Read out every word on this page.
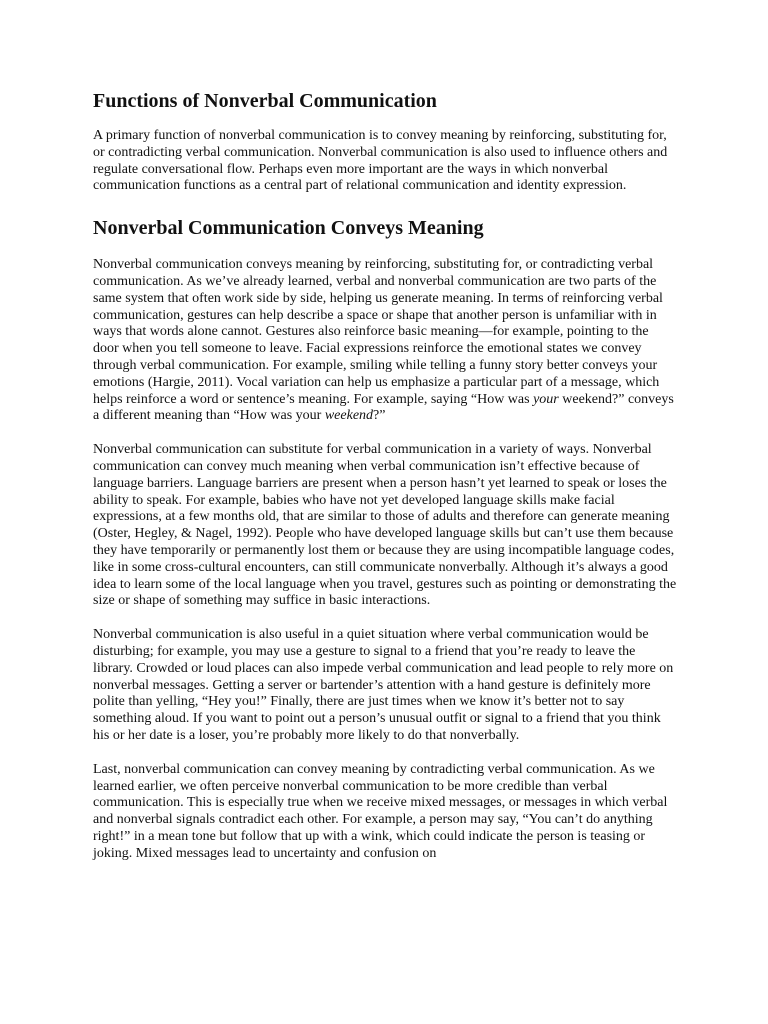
Functions of Nonverbal Communication

A primary function of nonverbal communication is to convey meaning by reinforcing, substituting for, or contradicting verbal communication. Nonverbal communication is also used to influence others and regulate conversational flow. Perhaps even more important are the ways in which nonverbal communication functions as a central part of relational communication and identity expression.

Nonverbal Communication Conveys Meaning

Nonverbal communication conveys meaning by reinforcing, substituting for, or contradicting verbal communication. As we’ve already learned, verbal and nonverbal communication are two parts of the same system that often work side by side, helping us generate meaning. In terms of reinforcing verbal communication, gestures can help describe a space or shape that another person is unfamiliar with in ways that words alone cannot. Gestures also reinforce basic meaning—for example, pointing to the door when you tell someone to leave. Facial expressions reinforce the emotional states we convey through verbal communication. For example, smiling while telling a funny story better conveys your emotions (Hargie, 2011). Vocal variation can help us emphasize a particular part of a message, which helps reinforce a word or sentence’s meaning. For example, saying “How was your weekend?” conveys a different meaning than “How was your weekend?”

Nonverbal communication can substitute for verbal communication in a variety of ways. Nonverbal communication can convey much meaning when verbal communication isn’t effective because of language barriers. Language barriers are present when a person hasn’t yet learned to speak or loses the ability to speak. For example, babies who have not yet developed language skills make facial expressions, at a few months old, that are similar to those of adults and therefore can generate meaning (Oster, Hegley, & Nagel, 1992). People who have developed language skills but can’t use them because they have temporarily or permanently lost them or because they are using incompatible language codes, like in some cross-cultural encounters, can still communicate nonverbally. Although it’s always a good idea to learn some of the local language when you travel, gestures such as pointing or demonstrating the size or shape of something may suffice in basic interactions.

Nonverbal communication is also useful in a quiet situation where verbal communication would be disturbing; for example, you may use a gesture to signal to a friend that you’re ready to leave the library. Crowded or loud places can also impede verbal communication and lead people to rely more on nonverbal messages. Getting a server or bartender’s attention with a hand gesture is definitely more polite than yelling, “Hey you!” Finally, there are just times when we know it’s better not to say something aloud. If you want to point out a person’s unusual outfit or signal to a friend that you think his or her date is a loser, you’re probably more likely to do that nonverbally.

Last, nonverbal communication can convey meaning by contradicting verbal communication. As we learned earlier, we often perceive nonverbal communication to be more credible than verbal communication. This is especially true when we receive mixed messages, or messages in which verbal and nonverbal signals contradict each other. For example, a person may say, “You can’t do anything right!” in a mean tone but follow that up with a wink, which could indicate the person is teasing or joking. Mixed messages lead to uncertainty and confusion on
